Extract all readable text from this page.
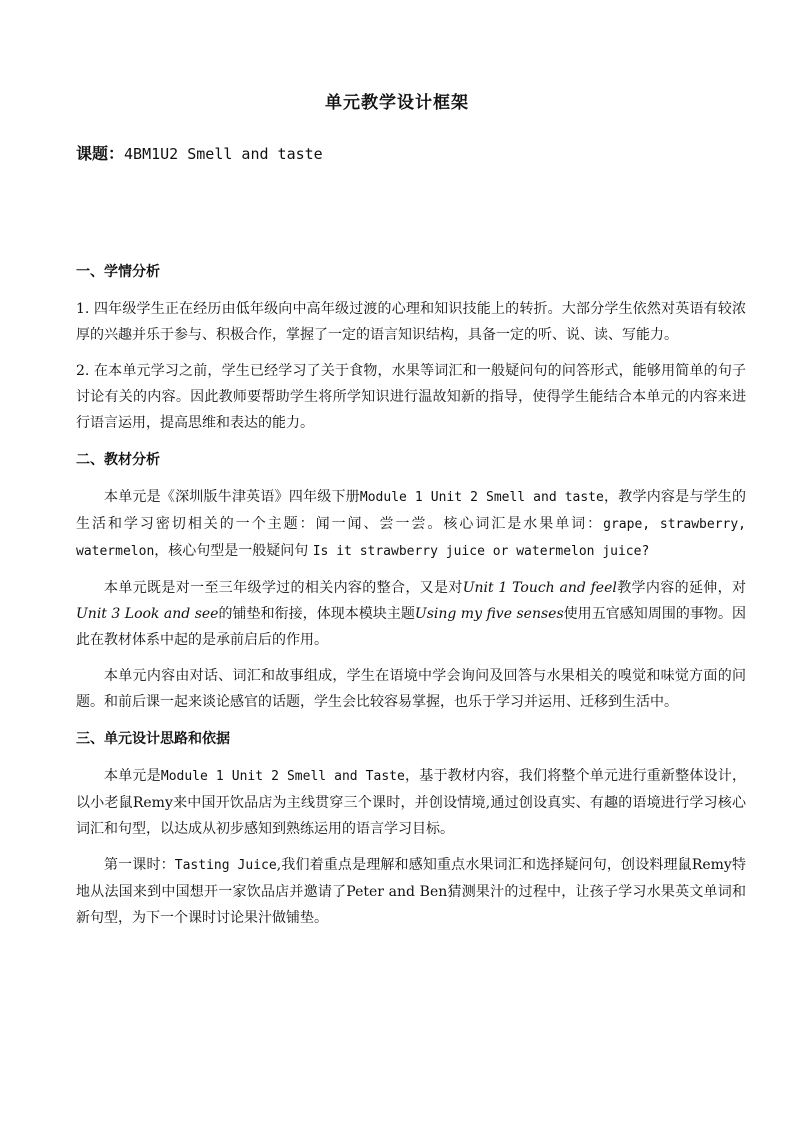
单元教学设计框架
课题：4BM1U2 Smell and taste
一、学情分析

1. 四年级学生正在经历由低年级向中高年级过渡的心理和知识技能上的转折。大部分学生依然对英语有较浓厚的兴趣并乐于参与、积极合作，掌握了一定的语言知识结构，具备一定的听、说、读、写能力。

2. 在本单元学习之前，学生已经学习了关于食物，水果等词汇和一般疑问句的问答形式，能够用简单的句子讨论有关的内容。因此教师要帮助学生将所学知识进行温故知新的指导，使得学生能结合本单元的内容来进行语言运用，提高思维和表达的能力。

二、教材分析

本单元是《深圳版牛津英语》四年级下册Module 1 Unit 2 Smell and taste，教学内容是与学生的生活和学习密切相关的一个主题：闻一闻、尝一尝。核心词汇是水果单词：grape, strawberry, watermelon，核心句型是一般疑问句 Is it strawberry juice or watermelon juice?

本单元既是对一至三年级学过的相关内容的整合，又是对Unit 1 Touch and feel教学内容的延伸，对Unit 3 Look and see的铺垫和衔接，体现本模块主题Using my five senses使用五官感知周围的事物。因此在教材体系中起的是承前启后的作用。

本单元内容由对话、词汇和故事组成，学生在语境中学会询问及回答与水果相关的嗅觉和味觉方面的问题。和前后课一起来谈论感官的话题，学生会比较容易掌握，也乐于学习并运用、迁移到生活中。

三、单元设计思路和依据

本单元是Module 1 Unit 2 Smell and Taste，基于教材内容，我们将整个单元进行重新整体设计，以小老鼠Remy来中国开饮品店为主线贯穿三个课时，并创设情境,通过创设真实、有趣的语境进行学习核心词汇和句型，以达成从初步感知到熟练运用的语言学习目标。

第一课时：Tasting Juice,我们着重点是理解和感知重点水果词汇和选择疑问句，创设料理鼠Remy特地从法国来到中国想开一家饮品店并邀请了Peter and Ben猜测果汁的过程中，让孩子学习水果英文单词和新句型，为下一个课时讨论果汁做铺垫。
